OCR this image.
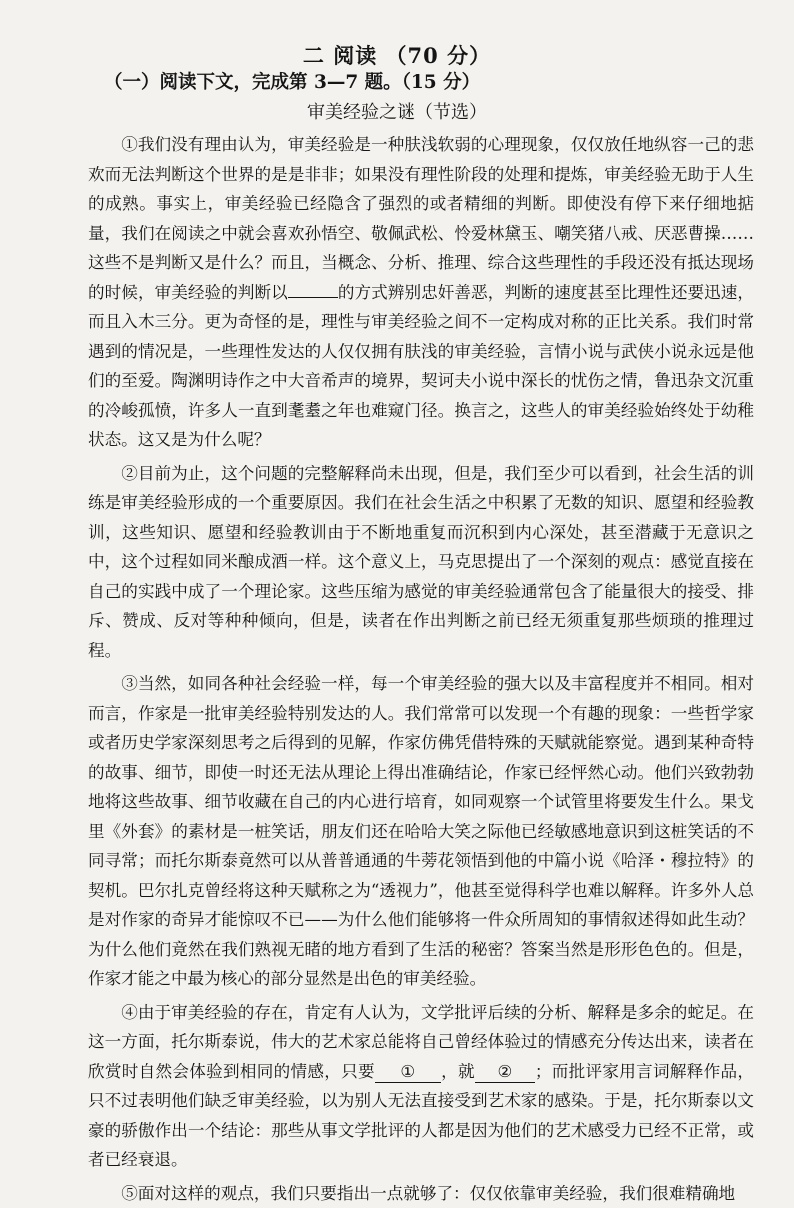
二 阅读 （70 分）
（一）阅读下文，完成第 3—7 题。（15 分）
审美经验之谜（节选）

①我们没有理由认为，审美经验是一种肤浅软弱的心理现象，仅仅放任地纵容一己的悲欢而无法判断这个世界的是是非非；如果没有理性阶段的处理和提炼，审美经验无助于人生的成熟。事实上，审美经验已经隐含了强烈的或者精细的判断。即使没有停下来仔细地掂量，我们在阅读之中就会喜欢孙悟空、敬佩武松、怜爱林黛玉、嘲笑猪八戒、厌恶曹操……这些不是判断又是什么？而且，当概念、分析、推理、综合这些理性的手段还没有抵达现场的时候，审美经验的判断以	的方式辨别忠奸善恶，判断的速度甚至比理性还要迅速，而且入木三分。更为奇怪的是，理性与审美经验之间不一定构成对称的正比关系。我们时常遇到的情况是，一些理性发达的人仅仅拥有肤浅的审美经验，言情小说与武侠小说永远是他们的至爱。陶渊明诗作之中大音希声的境界，契诃夫小说中深长的忧伤之情，鲁迅杂文沉重的冷峻孤愤，许多人一直到耄耋之年也难窥门径。换言之，这些人的审美经验始终处于幼稚状态。这又是为什么呢？

②目前为止，这个问题的完整解释尚未出现，但是，我们至少可以看到，社会生活的训练是审美经验形成的一个重要原因。我们在社会生活之中积累了无数的知识、愿望和经验教训，这些知识、愿望和经验教训由于不断地重复而沉积到内心深处，甚至潜藏于无意识之中，这个过程如同米酿成酒一样。这个意义上，马克思提出了一个深刻的观点：感觉直接在自己的实践中成了一个理论家。这些压缩为感觉的审美经验通常包含了能量很大的接受、排斥、赞成、反对等种种倾向，但是，读者在作出判断之前已经无须重复那些烦琐的推理过程。

③当然，如同各种社会经验一样，每一个审美经验的强大以及丰富程度并不相同。相对而言，作家是一批审美经验特别发达的人。我们常常可以发现一个有趣的现象：一些哲学家或者历史学家深刻思考之后得到的见解，作家仿佛凭借特殊的天赋就能察觉。遇到某种奇特的故事、细节，即使一时还无法从理论上得出准确结论，作家已经怦然心动。他们兴致勃勃地将这些故事、细节收藏在自己的内心进行培育，如同观察一个试管里将要发生什么。果戈里《外套》的素材是一桩笑话，朋友们还在哈哈大笑之际他已经敏感地意识到这桩笑话的不同寻常；而托尔斯泰竟然可以从普普通通的牛蒡花领悟到他的中篇小说《哈泽・穆拉特》的契机。巴尔扎克曾经将这种天赋称之为“透视力”，他甚至觉得科学也难以解释。许多外人总是对作家的奇异才能惊叹不已——为什么他们能够将一件众所周知的事情叙述得如此生动？为什么他们竟然在我们熟视无睹的地方看到了生活的秘密？答案当然是形形色色的。但是，作家才能之中最为核心的部分显然是出色的审美经验。

④由于审美经验的存在，肯定有人认为，文学批评后续的分析、解释是多余的蛇足。在这一方面，托尔斯泰说，伟大的艺术家总能将自己曾经体验过的情感充分传达出来，读者在欣赏时自然会体验到相同的情感，只要 ① ，就 ② ；而批评家用言词解释作品，只不过表明他们缺乏审美经验，以为别人无法直接受到艺术家的感染。于是，托尔斯泰以文豪的骄傲作出一个结论：那些从事文学批评的人都是因为他们的艺术感受力已经不正常，或者已经衰退。

⑤面对这样的观点，我们只要指出一点就够了：仅仅依靠审美经验，我们很难精确地
